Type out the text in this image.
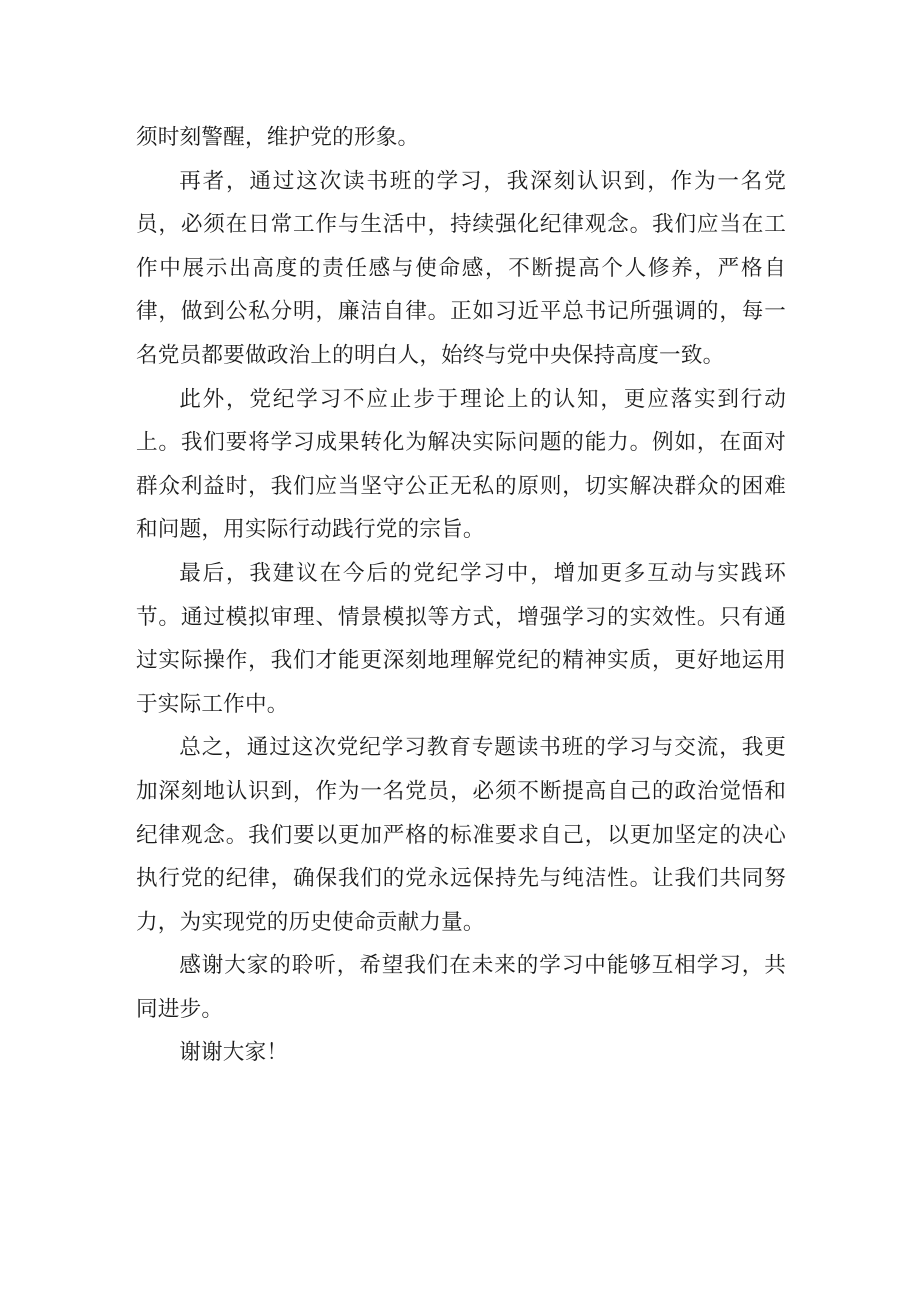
须时刻警醒，维护党的形象。

再者，通过这次读书班的学习，我深刻认识到，作为一名党员，必须在日常工作与生活中，持续强化纪律观念。我们应当在工作中展示出高度的责任感与使命感，不断提高个人修养，严格自律，做到公私分明，廉洁自律。正如习近平总书记所强调的，每一名党员都要做政治上的明白人，始终与党中央保持高度一致。

此外，党纪学习不应止步于理论上的认知，更应落实到行动上。我们要将学习成果转化为解决实际问题的能力。例如，在面对群众利益时，我们应当坚守公正无私的原则，切实解决群众的困难和问题，用实际行动践行党的宗旨。

最后，我建议在今后的党纪学习中，增加更多互动与实践环节。通过模拟审理、情景模拟等方式，增强学习的实效性。只有通过实际操作，我们才能更深刻地理解党纪的精神实质，更好地运用于实际工作中。

总之，通过这次党纪学习教育专题读书班的学习与交流，我更加深刻地认识到，作为一名党员，必须不断提高自己的政治觉悟和纪律观念。我们要以更加严格的标准要求自己，以更加坚定的决心执行党的纪律，确保我们的党永远保持先与纯洁性。让我们共同努力，为实现党的历史使命贡献力量。

感谢大家的聆听，希望我们在未来的学习中能够互相学习，共同进步。

谢谢大家！
